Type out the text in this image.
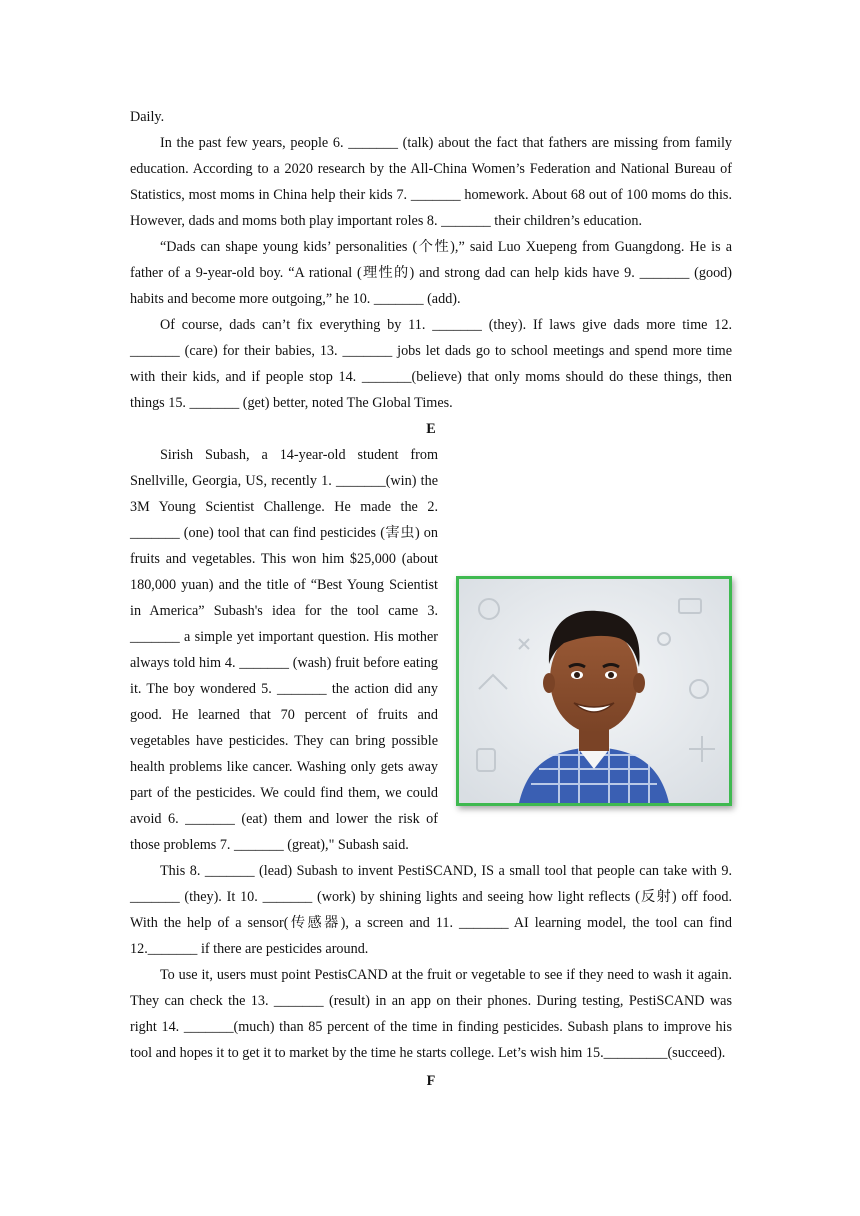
Daily.

In the past few years, people 6. _______ (talk) about the fact that fathers are missing from family education. According to a 2020 research by the All-China Women’s Federation and National Bureau of Statistics, most moms in China help their kids 7. _______ homework. About 68 out of 100 moms do this. However, dads and moms both play important roles 8. _______ their children’s education.

“Dads can shape young kids’ personalities (个性),” said Luo Xuepeng from Guangdong. He is a father of a 9-year-old boy. “A rational (理性的) and strong dad can help kids have 9. _______ (good) habits and become more outgoing,” he 10. _______ (add).

Of course, dads can’t fix everything by 11. _______ (they). If laws give dads more time 12. _______ (care) for their babies, 13. _______ jobs let dads go to school meetings and spend more time with their kids, and if people stop 14. _______(believe) that only moms should do these things, then things 15. _______ (get) better, noted The Global Times.

E

Sirish Subash, a 14-year-old student from Snellville, Georgia, US, recently 1. _______(win) the 3M Young Scientist Challenge. He made the 2. _______ (one) tool that can find pesticides (害虫) on fruits and vegetables. This won him $25,000 (about 180,000 yuan) and the title of “Best Young Scientist in America” Subash's idea for the tool came 3. _______ a simple yet important question. His mother always told him 4. _______ (wash) fruit before eating it. The boy wondered 5. _______ the action did any good. He learned that 70 percent of fruits and vegetables have pesticides. They can bring possible health problems like cancer. Washing only gets away part of the pesticides. We could find them, we could avoid 6. _______ (eat) them and lower the risk of those problems 7. _______ (great)," Subash said.

This 8. _______ (lead) Subash to invent PestiSCAND, IS a small tool that people can take with 9. _______ (they). It 10. _______ (work) by shining lights and seeing how light reflects (反射) off food. With the help of a sensor(传感器), a screen and 11. _______ AI learning model, the tool can find 12._______ if there are pesticides around.

To use it, users must point PestisCAND at the fruit or vegetable to see if they need to wash it again. They can check the 13. _______ (result) in an app on their phones. During testing, PestiSCAND was right 14. _______(much) than 85 percent of the time in finding pesticides. Subash plans to improve his tool and hopes it to get it to market by the time he starts college. Let’s wish him 15._________(succeed).

F
